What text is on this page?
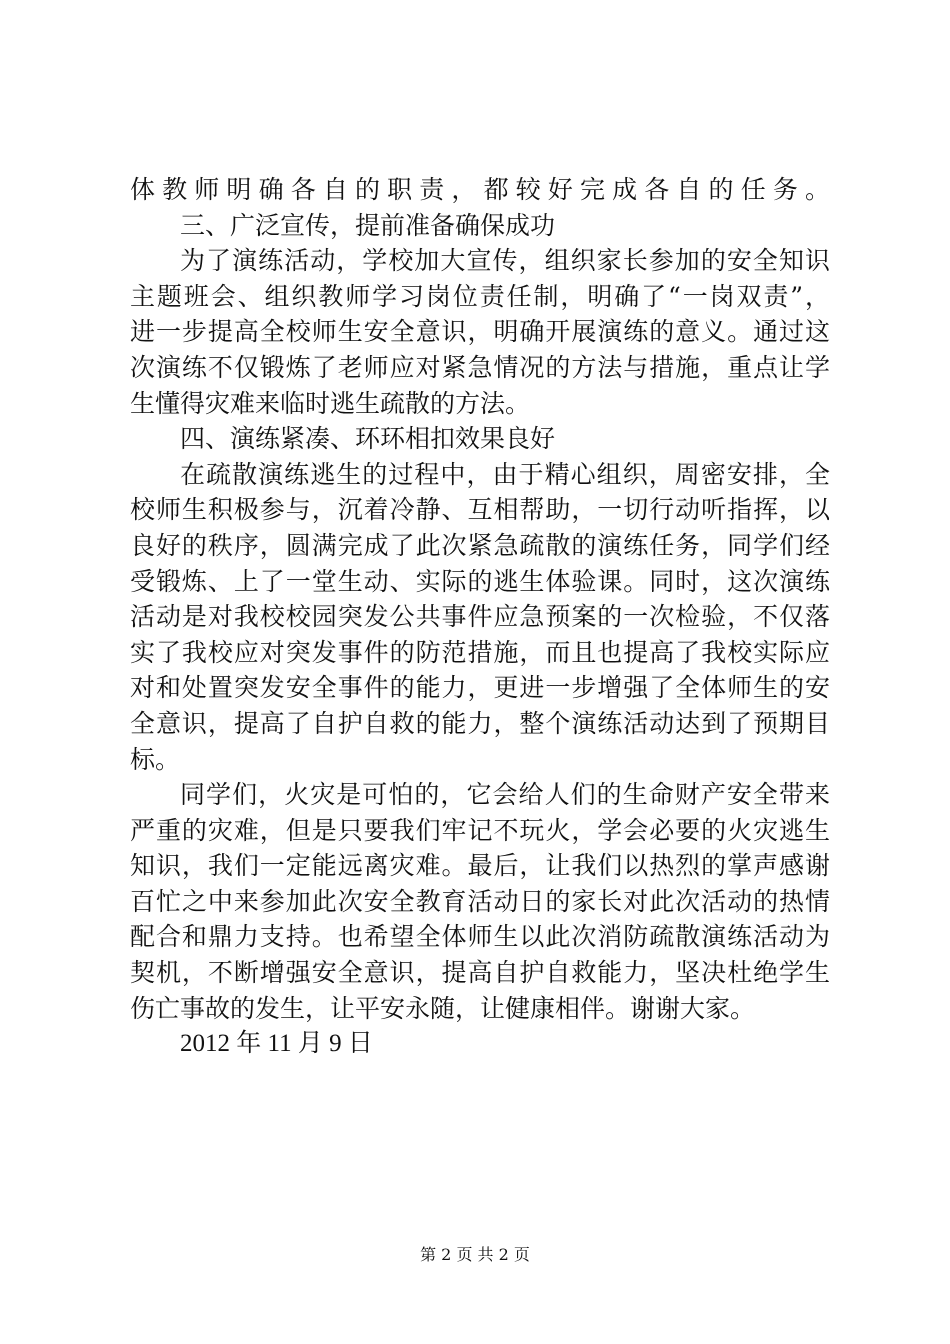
体教师明确各自的职责，都较好完成各自的任务。
三、广泛宣传，提前准备确保成功
为了演练活动，学校加大宣传，组织家长参加的安全知识
主题班会、组织教师学习岗位责任制，明确了“一岗双责”，
进一步提高全校师生安全意识，明确开展演练的意义。通过这
次演练不仅锻炼了老师应对紧急情况的方法与措施，重点让学
生懂得灾难来临时逃生疏散的方法。
四、演练紧凑、环环相扣效果良好
在疏散演练逃生的过程中，由于精心组织，周密安排，全
校师生积极参与，沉着冷静、互相帮助，一切行动听指挥，以
良好的秩序，圆满完成了此次紧急疏散的演练任务，同学们经
受锻炼、上了一堂生动、实际的逃生体验课。同时，这次演练
活动是对我校校园突发公共事件应急预案的一次检验，不仅落
实了我校应对突发事件的防范措施，而且也提高了我校实际应
对和处置突发安全事件的能力，更进一步增强了全体师生的安
全意识，提高了自护自救的能力，整个演练活动达到了预期目
标。
同学们，火灾是可怕的，它会给人们的生命财产安全带来
严重的灾难，但是只要我们牢记不玩火，学会必要的火灾逃生
知识，我们一定能远离灾难。最后，让我们以热烈的掌声感谢
百忙之中来参加此次安全教育活动日的家长对此次活动的热情
配合和鼎力支持。也希望全体师生以此次消防疏散演练活动为
契机，不断增强安全意识，提高自护自救能力，坚决杜绝学生
伤亡事故的发生，让平安永随，让健康相伴。谢谢大家。
2012 年 11 月 9 日
第 2 页 共 2 页
